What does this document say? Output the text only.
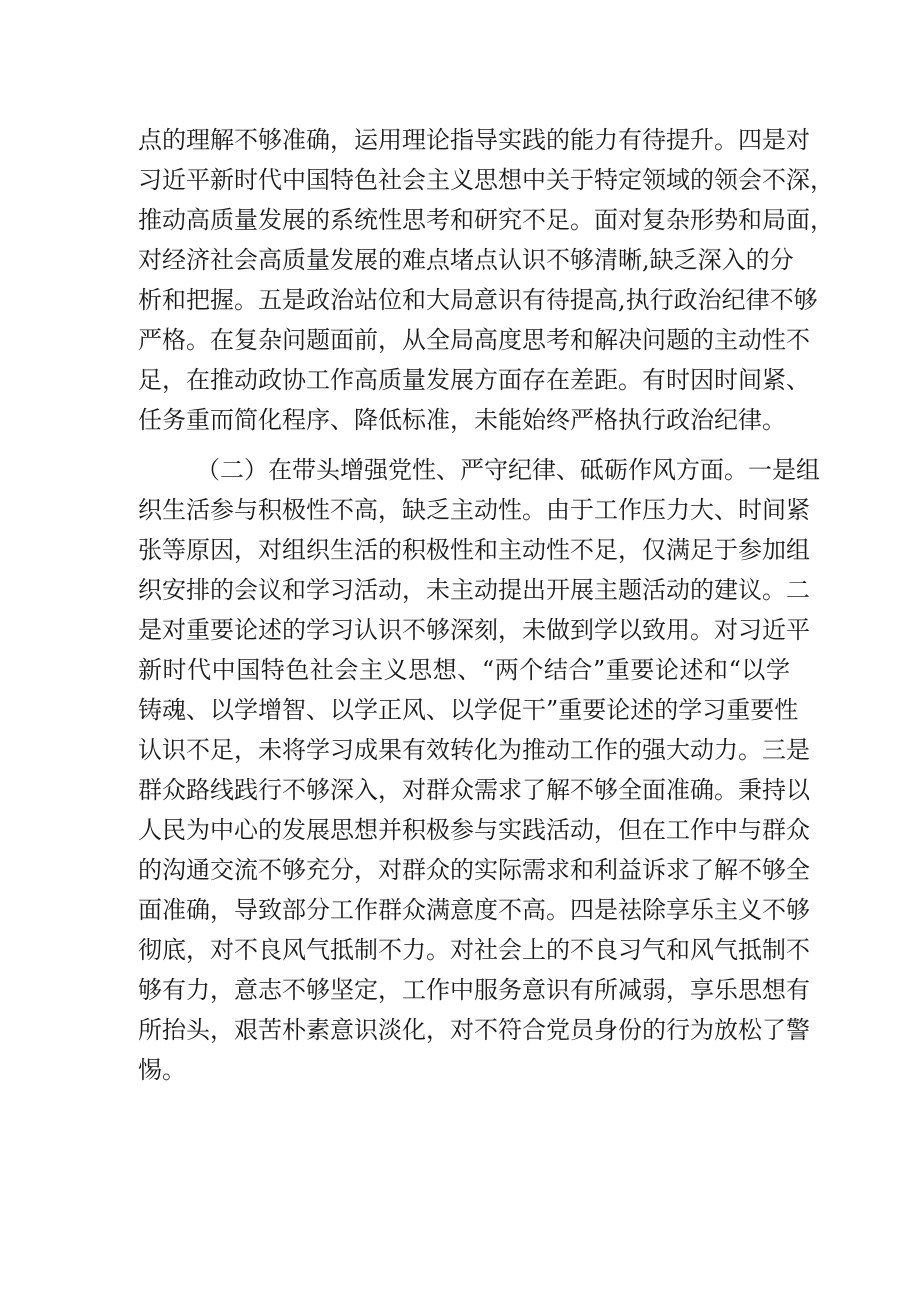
点的理解不够准确，运用理论指导实践的能力有待提升。四是对
习近平新时代中国特色社会主义思想中关于特定领域的领会不深，
推动高质量发展的系统性思考和研究不足。面对复杂形势和局面，
对经济社会高质量发展的难点堵点认识不够清晰,缺乏深入的分
析和把握。五是政治站位和大局意识有待提高,执行政治纪律不够
严格。在复杂问题面前，从全局高度思考和解决问题的主动性不
足，在推动政协工作高质量发展方面存在差距。有时因时间紧、
任务重而简化程序、降低标准，未能始终严格执行政治纪律。
（二）在带头增强党性、严守纪律、砥砺作风方面。一是组
织生活参与积极性不高，缺乏主动性。由于工作压力大、时间紧
张等原因，对组织生活的积极性和主动性不足，仅满足于参加组
织安排的会议和学习活动，未主动提出开展主题活动的建议。二
是对重要论述的学习认识不够深刻，未做到学以致用。对习近平
新时代中国特色社会主义思想、“两个结合”重要论述和“以学
铸魂、以学增智、以学正风、以学促干”重要论述的学习重要性
认识不足，未将学习成果有效转化为推动工作的强大动力。三是
群众路线践行不够深入，对群众需求了解不够全面准确。秉持以
人民为中心的发展思想并积极参与实践活动，但在工作中与群众
的沟通交流不够充分，对群众的实际需求和利益诉求了解不够全
面准确，导致部分工作群众满意度不高。四是祛除享乐主义不够
彻底，对不良风气抵制不力。对社会上的不良习气和风气抵制不
够有力，意志不够坚定，工作中服务意识有所减弱，享乐思想有
所抬头，艰苦朴素意识淡化，对不符合党员身份的行为放松了警
惕。
